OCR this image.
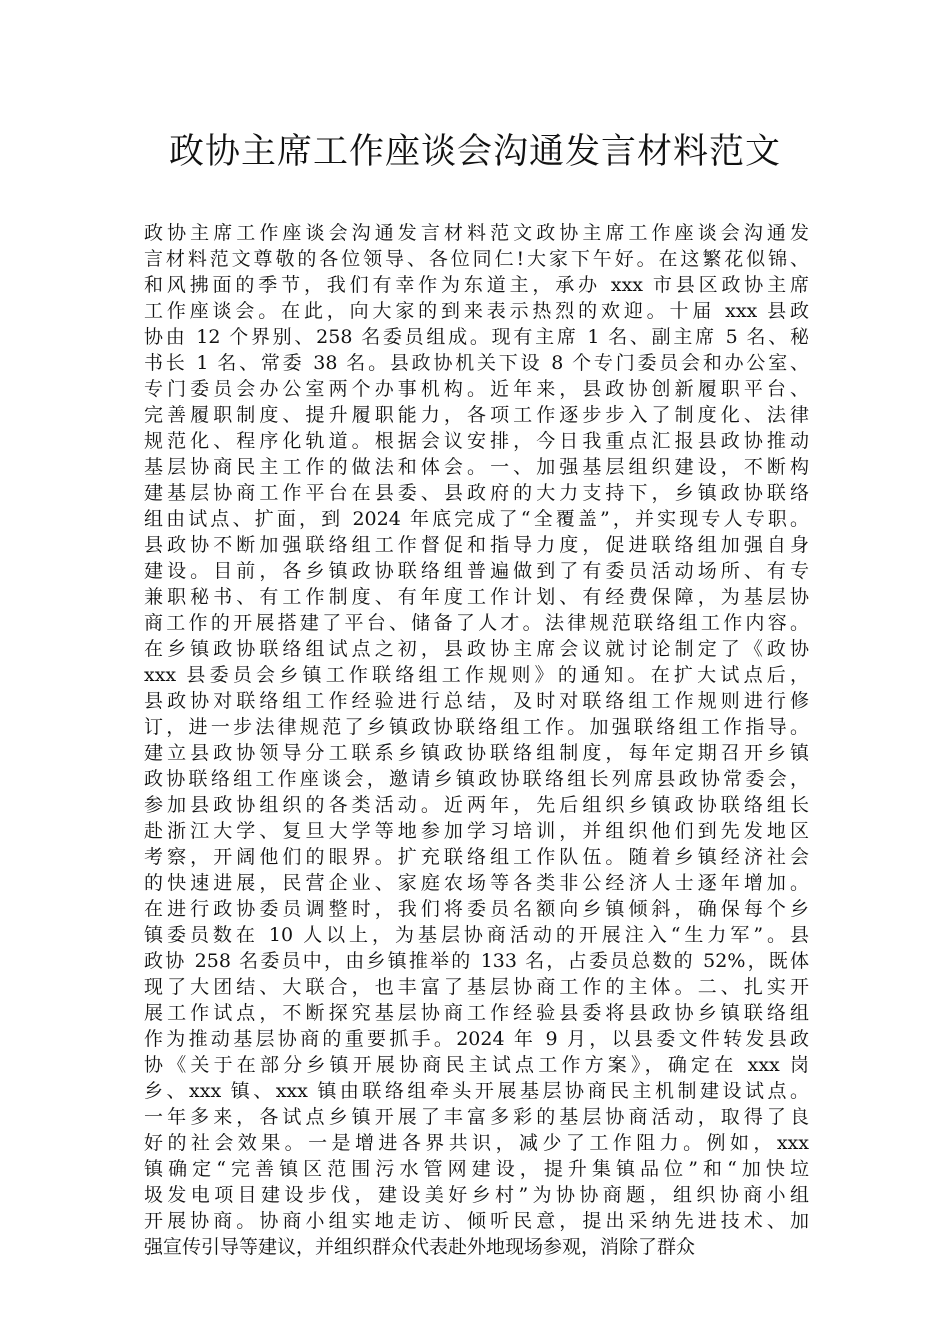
政协主席工作座谈会沟通发言材料范文
政协主席工作座谈会沟通发言材料范文政协主席工作座谈会沟通发
言材料范文尊敬的各位领导、各位同仁!大家下午好。在这繁花似锦、
和风拂面的季节，我们有幸作为东道主，承办 xxx 市县区政协主席
工作座谈会。在此，向大家的到来表示热烈的欢迎。十届 xxx 县政
协由 12 个界别、258 名委员组成。现有主席 1 名、副主席 5 名、秘
书长 1 名、常委 38 名。县政协机关下设 8 个专门委员会和办公室、
专门委员会办公室两个办事机构。近年来，县政协创新履职平台、
完善履职制度、提升履职能力，各项工作逐步步入了制度化、法律
规范化、程序化轨道。根据会议安排，今日我重点汇报县政协推动
基层协商民主工作的做法和体会。一、加强基层组织建设，不断构
建基层协商工作平台在县委、县政府的大力支持下，乡镇政协联络
组由试点、扩面，到 2024 年底完成了“全覆盖”，并实现专人专职。
县政协不断加强联络组工作督促和指导力度，促进联络组加强自身
建设。目前，各乡镇政协联络组普遍做到了有委员活动场所、有专
兼职秘书、有工作制度、有年度工作计划、有经费保障，为基层协
商工作的开展搭建了平台、储备了人才。法律规范联络组工作内容。
在乡镇政协联络组试点之初，县政协主席会议就讨论制定了《政协
xxx 县委员会乡镇工作联络组工作规则》的通知。在扩大试点后，
县政协对联络组工作经验进行总结，及时对联络组工作规则进行修
订，进一步法律规范了乡镇政协联络组工作。加强联络组工作指导。
建立县政协领导分工联系乡镇政协联络组制度，每年定期召开乡镇
政协联络组工作座谈会，邀请乡镇政协联络组长列席县政协常委会，
参加县政协组织的各类活动。近两年，先后组织乡镇政协联络组长
赴浙江大学、复旦大学等地参加学习培训，并组织他们到先发地区
考察，开阔他们的眼界。扩充联络组工作队伍。随着乡镇经济社会
的快速进展，民营企业、家庭农场等各类非公经济人士逐年增加。
在进行政协委员调整时，我们将委员名额向乡镇倾斜，确保每个乡
镇委员数在 10 人以上，为基层协商活动的开展注入“生力军”。县
政协 258 名委员中，由乡镇推举的 133 名，占委员总数的 52%，既体
现了大团结、大联合，也丰富了基层协商工作的主体。二、扎实开
展工作试点，不断探究基层协商工作经验县委将县政协乡镇联络组
作为推动基层协商的重要抓手。2024 年 9 月，以县委文件转发县政
协《关于在部分乡镇开展协商民主试点工作方案》，确定在 xxx 岗
乡、xxx 镇、xxx 镇由联络组牵头开展基层协商民主机制建设试点。
一年多来，各试点乡镇开展了丰富多彩的基层协商活动，取得了良
好的社会效果。一是增进各界共识，减少了工作阻力。例如，xxx
镇确定“完善镇区范围污水管网建设，提升集镇品位”和“加快垃
圾发电项目建设步伐，建设美好乡村”为协协商题，组织协商小组
开展协商。协商小组实地走访、倾听民意，提出采纳先进技术、加
强宣传引导等建议，并组织群众代表赴外地现场参观，消除了群众
